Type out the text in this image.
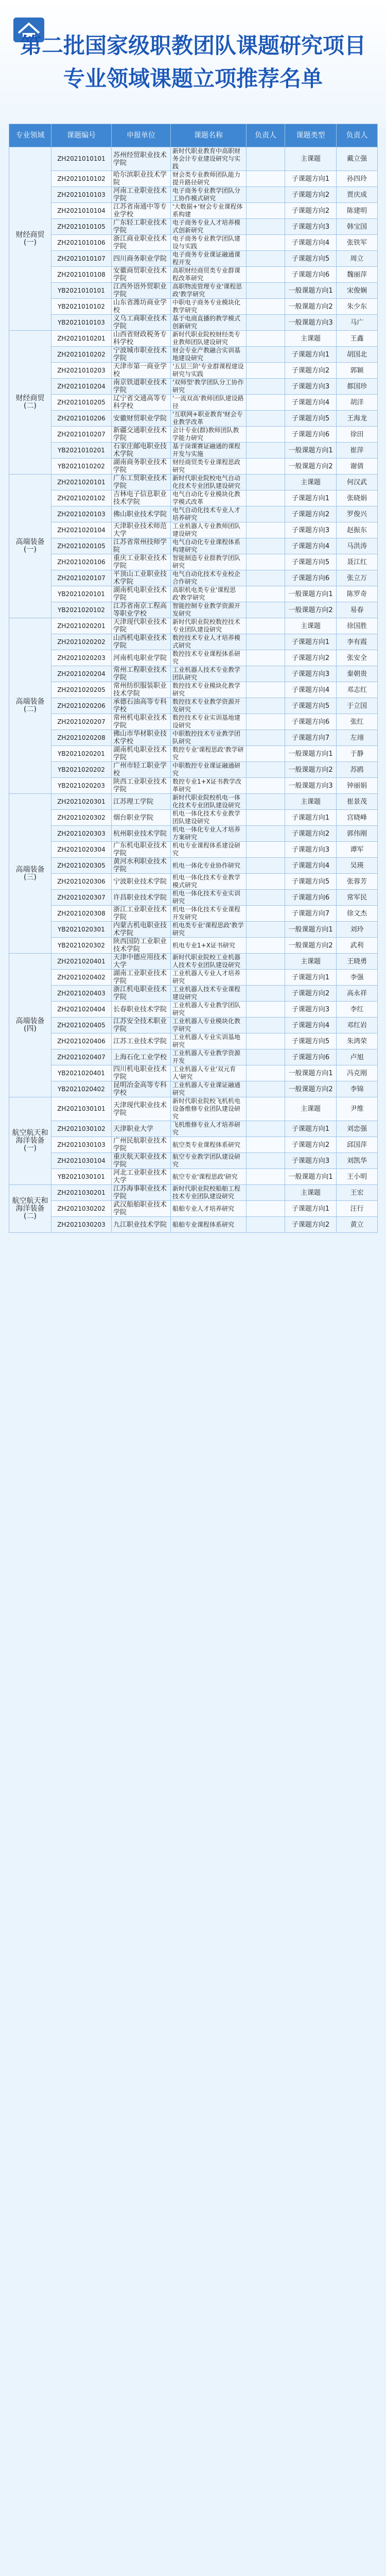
第二批国家级职教团队课题研究项目
专业领域课题立项推荐名单
专业领域	课题编号	申报单位	课题名称	负责人	课题类型	负责人
财经商贸(一)	ZH2021010101	苏州经贸职业技术学院	新时代职业教育中高职财务会计专业建设研究与实践		主课题	戴立强
	ZH2021010102	哈尔滨职业技术学院	财会类专业教师团队能力提升路径研究		子课题方向1	孙四玲
	ZH2021010103	河南工业职业技术学院	电子商务专业教学团队分工协作模式研究		子课题方向2	贾庆成
	ZH2021010104	江苏省南通中等专业学校	'大数据+'财会专业课程体系构建		子课题方向2	陈建明
	ZH2021010105	广东轻工职业技术学院	电子商务专业人才培养模式创新研究		子课题方向3	韩宝国
	ZH2021010106	浙江商业职业技术学院	电子商务专业教学团队建设与实践		子课题方向4	张铁军
	ZH2021010107	四川商务职业学院	电子商务专业课证融通课程开发		子课题方向5	周立
	ZH2021010108	安徽商贸职业技术学院	高职财经商贸类专业群课程改革研究		子课题方向6	魏丽萍
	YB2021010101	江西外语外贸职业学院	高职物流管理专业'课程思政'教学研究		一般课题方向1	宋俊娴
	YB2021010102	山东省潍坊商业学校	中职电子商务专业模块化教学研究		一般课题方向2	朱少东
	YB2021010103	义乌工商职业技术学院	基于电商直播的教学模式创新研究		一般课题方向3	马广
财经商贸(二)	ZH2021010201	山西省财政税务专科学校	新时代职业院校财经类专业教师团队建设研究		主课题	王鑫
	ZH2021010202	宁波城市职业技术学院	财会专业产教融合实训基地建设研究		子课题方向1	胡国北
	ZH2021010203	天津市第一商业学校	'五层三阶'专业群课程建设研究与实践		子课题方向2	郭颖
	ZH2021010204	南京铁道职业技术学院	'双师型'教学团队分工协作研究		子课题方向3	都国珍
	ZH2021010205	辽宁省交通高等专科学校	'一流双高'教师团队建设路径		子课题方向4	胡洋
	ZH2021010206	安徽财贸职业学院	'互联网+职业教育'财会专业教学改革		子课题方向5	王海龙
	ZH2021010207	新疆交通职业技术学院	会计专业(群)教师团队教学能力研究		子课题方向6	徐田
	YB2021010201	石家庄邮电职业技术学院	基于岗课赛证融通的课程开发与实施		一般课题方向1	崔萍
	YB2021010202	湖南商务职业技术学院	财经商贸类专业课程思政研究		一般课题方向2	谢倩
高端装备(一)	ZH2021020101	广东工贸职业技术学院	新时代职业院校电气自动化技术专业团队建设研究		主课题	何汉武
	ZH2021020102	吉林电子信息职业技术学院	电气自动化专业模块化教学模式改革		子课题方向1	张晓娟
	ZH2021020103	佛山职业技术学院	电气自动化技术专业人才培养研究		子课题方向2	罗俊兴
	ZH2021020104	天津职业技术师范大学	工业机器人专业教师团队建设研究		子课题方向3	赵振东
	ZH2021020105	江苏省常州技师学院	电气自动化专业课程体系构建研究		子课题方向4	马洪涛
	ZH2021020106	重庆工业职业技术学院	智能制造专业群教学团队研究		子课题方向5	聂江红
	ZH2021020107	平顶山工业职业技术学院	电气自动化技术专业校企合作研究		子课题方向6	张立万
	YB2021020101	湖南机电职业技术学院	高职机电类专业'课程思政'教学研究		一般课题方向1	陈罗奇
	YB2021020102	江苏省南京工程高等职业学校	智能控制专业教学资源开发研究		一般课题方向2	易春
高端装备(二)	ZH2021020201	天津现代职业技术学院	新时代职业院校数控技术专业团队建设研究		主课题	徐国胜
	ZH2021020202	山西机电职业技术学院	数控技术专业人才培养模式研究		子课题方向1	李有霞
	ZH2021020203	河南机电职业学院	数控技术专业课程体系研究		子课题方向2	张安全
	ZH2021020204	常州工程职业技术学院	工业机器人技术专业教学团队研究		子课题方向3	秦朝贵
	ZH2021020205	常州纺织服装职业技术学院	数控技术专业模块化教学研究		子课题方向4	邓志红
	ZH2021020206	承德石油高等专科学校	数控技术专业教学资源开发研究		子课题方向5	于立国
	ZH2021020207	常州机电职业技术学院	数控技术专业实训基地建设研究		子课题方向6	张红
	ZH2021020208	佛山市华材职业技术学校	中职数控技术专业教学团队研究		子课题方向7	左翊
	YB2021020201	湖南机电职业技术学院	数控专业'课程思政'教学研究		一般课题方向1	于静
	YB2021020202	广州市轻工职业学校	中职数控专业课证融通研究		一般课题方向2	苏鸥
	YB2021020203	陕西工业职业技术学院	数控专业1+X证书教学改革研究		一般课题方向3	钟丽娟
高端装备(三)	ZH2021020301	江苏理工学院	新时代职业院校机电一体化技术专业团队建设研究		主课题	崔景茂
	ZH2021020302	烟台职业学院	机电一体化技术专业教学团队建设研究		子课题方向1	宫晓峰
	ZH2021020303	杭州职业技术学院	机电一体化专业人才培养方案研究		子课题方向2	郭伟刚
	ZH2021020304	广东机电职业技术学院	机电专业课程体系建设研究		子课题方向3	谭军
	ZH2021020305	黄河水利职业技术学院	机电一体化专业协作研究		子课题方向4	吴瑛
	ZH2021020306	宁波职业技术学院	机电一体化技术专业教学模式研究		子课题方向5	张蓉芳
	ZH2021020307	许昌职业技术学院	机电一体化技术专业实训研究		子课题方向6	常军民
	ZH2021020308	浙江工业职业技术学院	机电一体化技术专业课程开发研究		子课题方向7	徐文杰
	YB2021020301	内蒙古机电职业技术学院	机电类专业'课程思政'教学研究		一般课题方向1	刘玲
	YB2021020302	陕西国防工业职业技术学院	机电专业1+X证书研究		一般课题方向2	武利
高端装备(四)	ZH2021020401	天津中德应用技术大学	新时代职业院校工业机器人技术专业团队建设研究		主课题	王晓勇
	ZH2021020402	湖南工业职业技术学院	工业机器人专业人才培养研究		子课题方向1	李强
	ZH2021020403	浙江机电职业技术学院	工业机器人技术专业课程建设研究		子课题方向2	高永祥
	ZH2021020404	长春职业技术学院	工业机器人专业教学团队研究		子课题方向3	李红
	ZH2021020405	江苏安全技术职业学院	工业机器人专业模块化教学研究		子课题方向4	邓红岩
	ZH2021020406	江苏工业技术学院	工业机器人专业实训基地研究		子课题方向5	朱鸿荣
	ZH2021020407	上海石化工业学校	工业机器人专业教学资源开发		子课题方向6	卢旭
	YB2021020401	四川机电职业技术学院	工业机器人专业'双元育人'研究		一般课题方向1	冯克刚
	YB2021020402	昆明冶金高等专科学校	工业机器人专业课证融通研究		一般课题方向2	李锦
航空航天和海洋装备(一)	ZH2021030101	天津现代职业技术学院	新时代职业院校飞机机电设备维修专业团队建设研究		主课题	尹维
	ZH2021030102	天津职业大学	飞机维修专业人才培养研究		子课题方向1	刘忠强
	ZH2021030103	广州民航职业技术学院	航空类专业课程体系研究		子课题方向2	邱国萍
	ZH2021030104	重庆航天职业技术学院	航空专业教学团队建设研究		子课题方向3	刘凯华
	YB2021030101	河北工业职业技术大学	航空专业'课程思政'研究		一般课题方向1	王小明
航空航天和海洋装备(二)	ZH2021030201	江苏海事职业技术学院	新时代职业院校船舶工程技术专业团队建设研究		主课题	王宏
	ZH2021030202	武汉船舶职业技术学院	船舶专业人才培养研究		子课题方向1	汪行
	ZH2021030203	九江职业技术学院	船舶专业课程体系研究		子课题方向2	黄立
